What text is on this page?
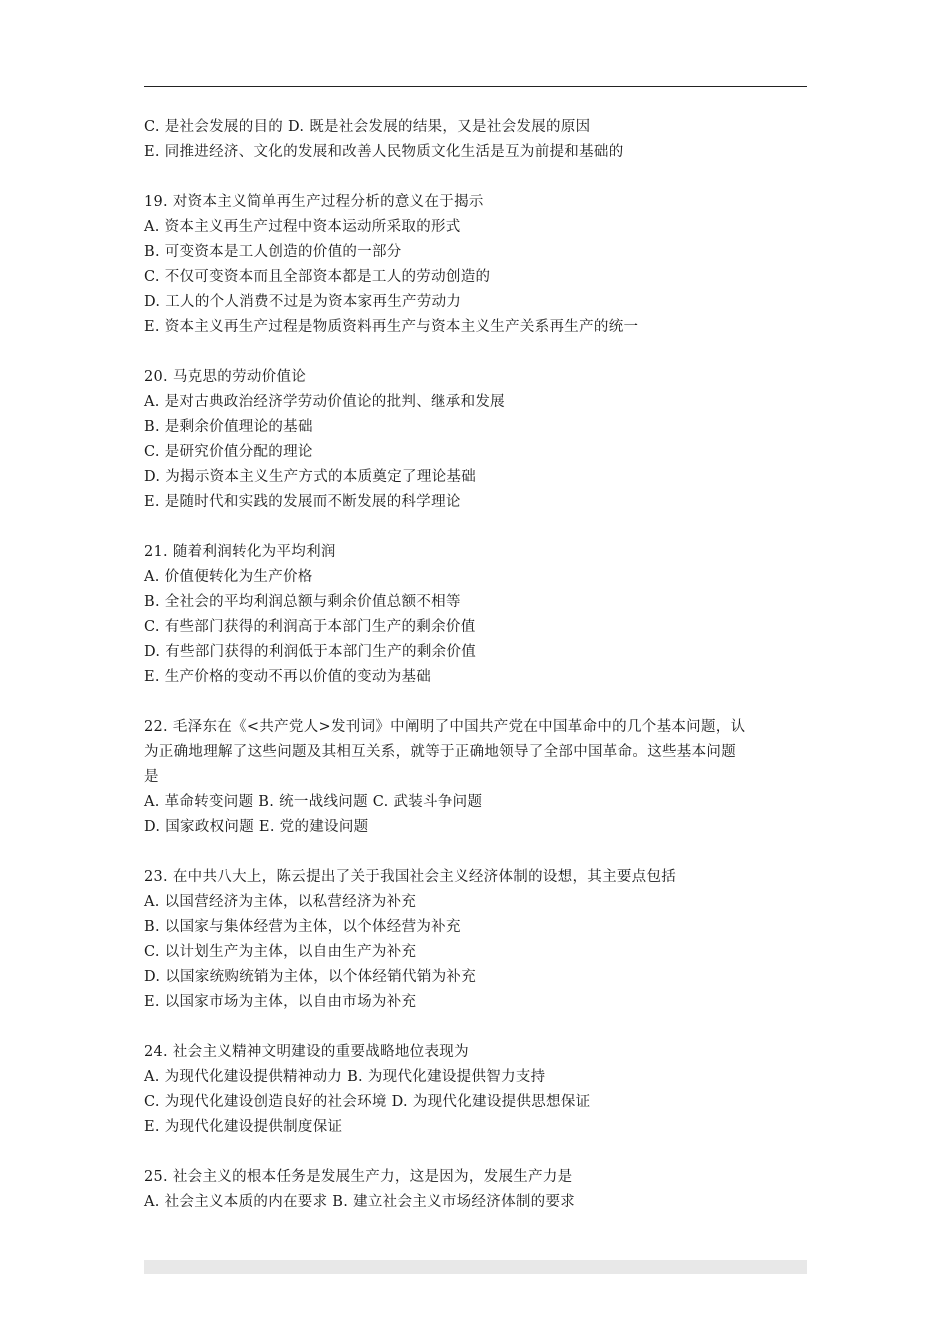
C. 是社会发展的目的 D. 既是社会发展的结果，又是社会发展的原因

E. 同推进经济、文化的发展和改善人民物质文化生活是互为前提和基础的

19. 对资本主义简单再生产过程分析的意义在于揭示

A. 资本主义再生产过程中资本运动所采取的形式

B. 可变资本是工人创造的价值的一部分

C. 不仅可变资本而且全部资本都是工人的劳动创造的

D. 工人的个人消费不过是为资本家再生产劳动力

E. 资本主义再生产过程是物质资料再生产与资本主义生产关系再生产的统一

20. 马克思的劳动价值论

A. 是对古典政治经济学劳动价值论的批判、继承和发展

B. 是剩余价值理论的基础

C. 是研究价值分配的理论

D. 为揭示资本主义生产方式的本质奠定了理论基础

E. 是随时代和实践的发展而不断发展的科学理论

21. 随着利润转化为平均利润

A. 价值便转化为生产价格

B. 全社会的平均利润总额与剩余价值总额不相等

C. 有些部门获得的利润高于本部门生产的剩余价值

D. 有些部门获得的利润低于本部门生产的剩余价值

E. 生产价格的变动不再以价值的变动为基础

22. 毛泽东在《<共产党人>发刊词》中阐明了中国共产党在中国革命中的几个基本问题，认

为正确地理解了这些问题及其相互关系，就等于正确地领导了全部中国革命。这些基本问题

是

A. 革命转变问题 B. 统一战线问题 C. 武装斗争问题

D. 国家政权问题 E. 党的建设问题

23. 在中共八大上，陈云提出了关于我国社会主义经济体制的设想，其主要点包括

A. 以国营经济为主体，以私营经济为补充

B. 以国家与集体经营为主体，以个体经营为补充

C. 以计划生产为主体，以自由生产为补充

D. 以国家统购统销为主体，以个体经销代销为补充

E. 以国家市场为主体，以自由市场为补充

24. 社会主义精神文明建设的重要战略地位表现为

A. 为现代化建设提供精神动力 B. 为现代化建设提供智力支持

C. 为现代化建设创造良好的社会环境 D. 为现代化建设提供思想保证

E. 为现代化建设提供制度保证

25. 社会主义的根本任务是发展生产力，这是因为，发展生产力是

A. 社会主义本质的内在要求 B. 建立社会主义市场经济体制的要求
